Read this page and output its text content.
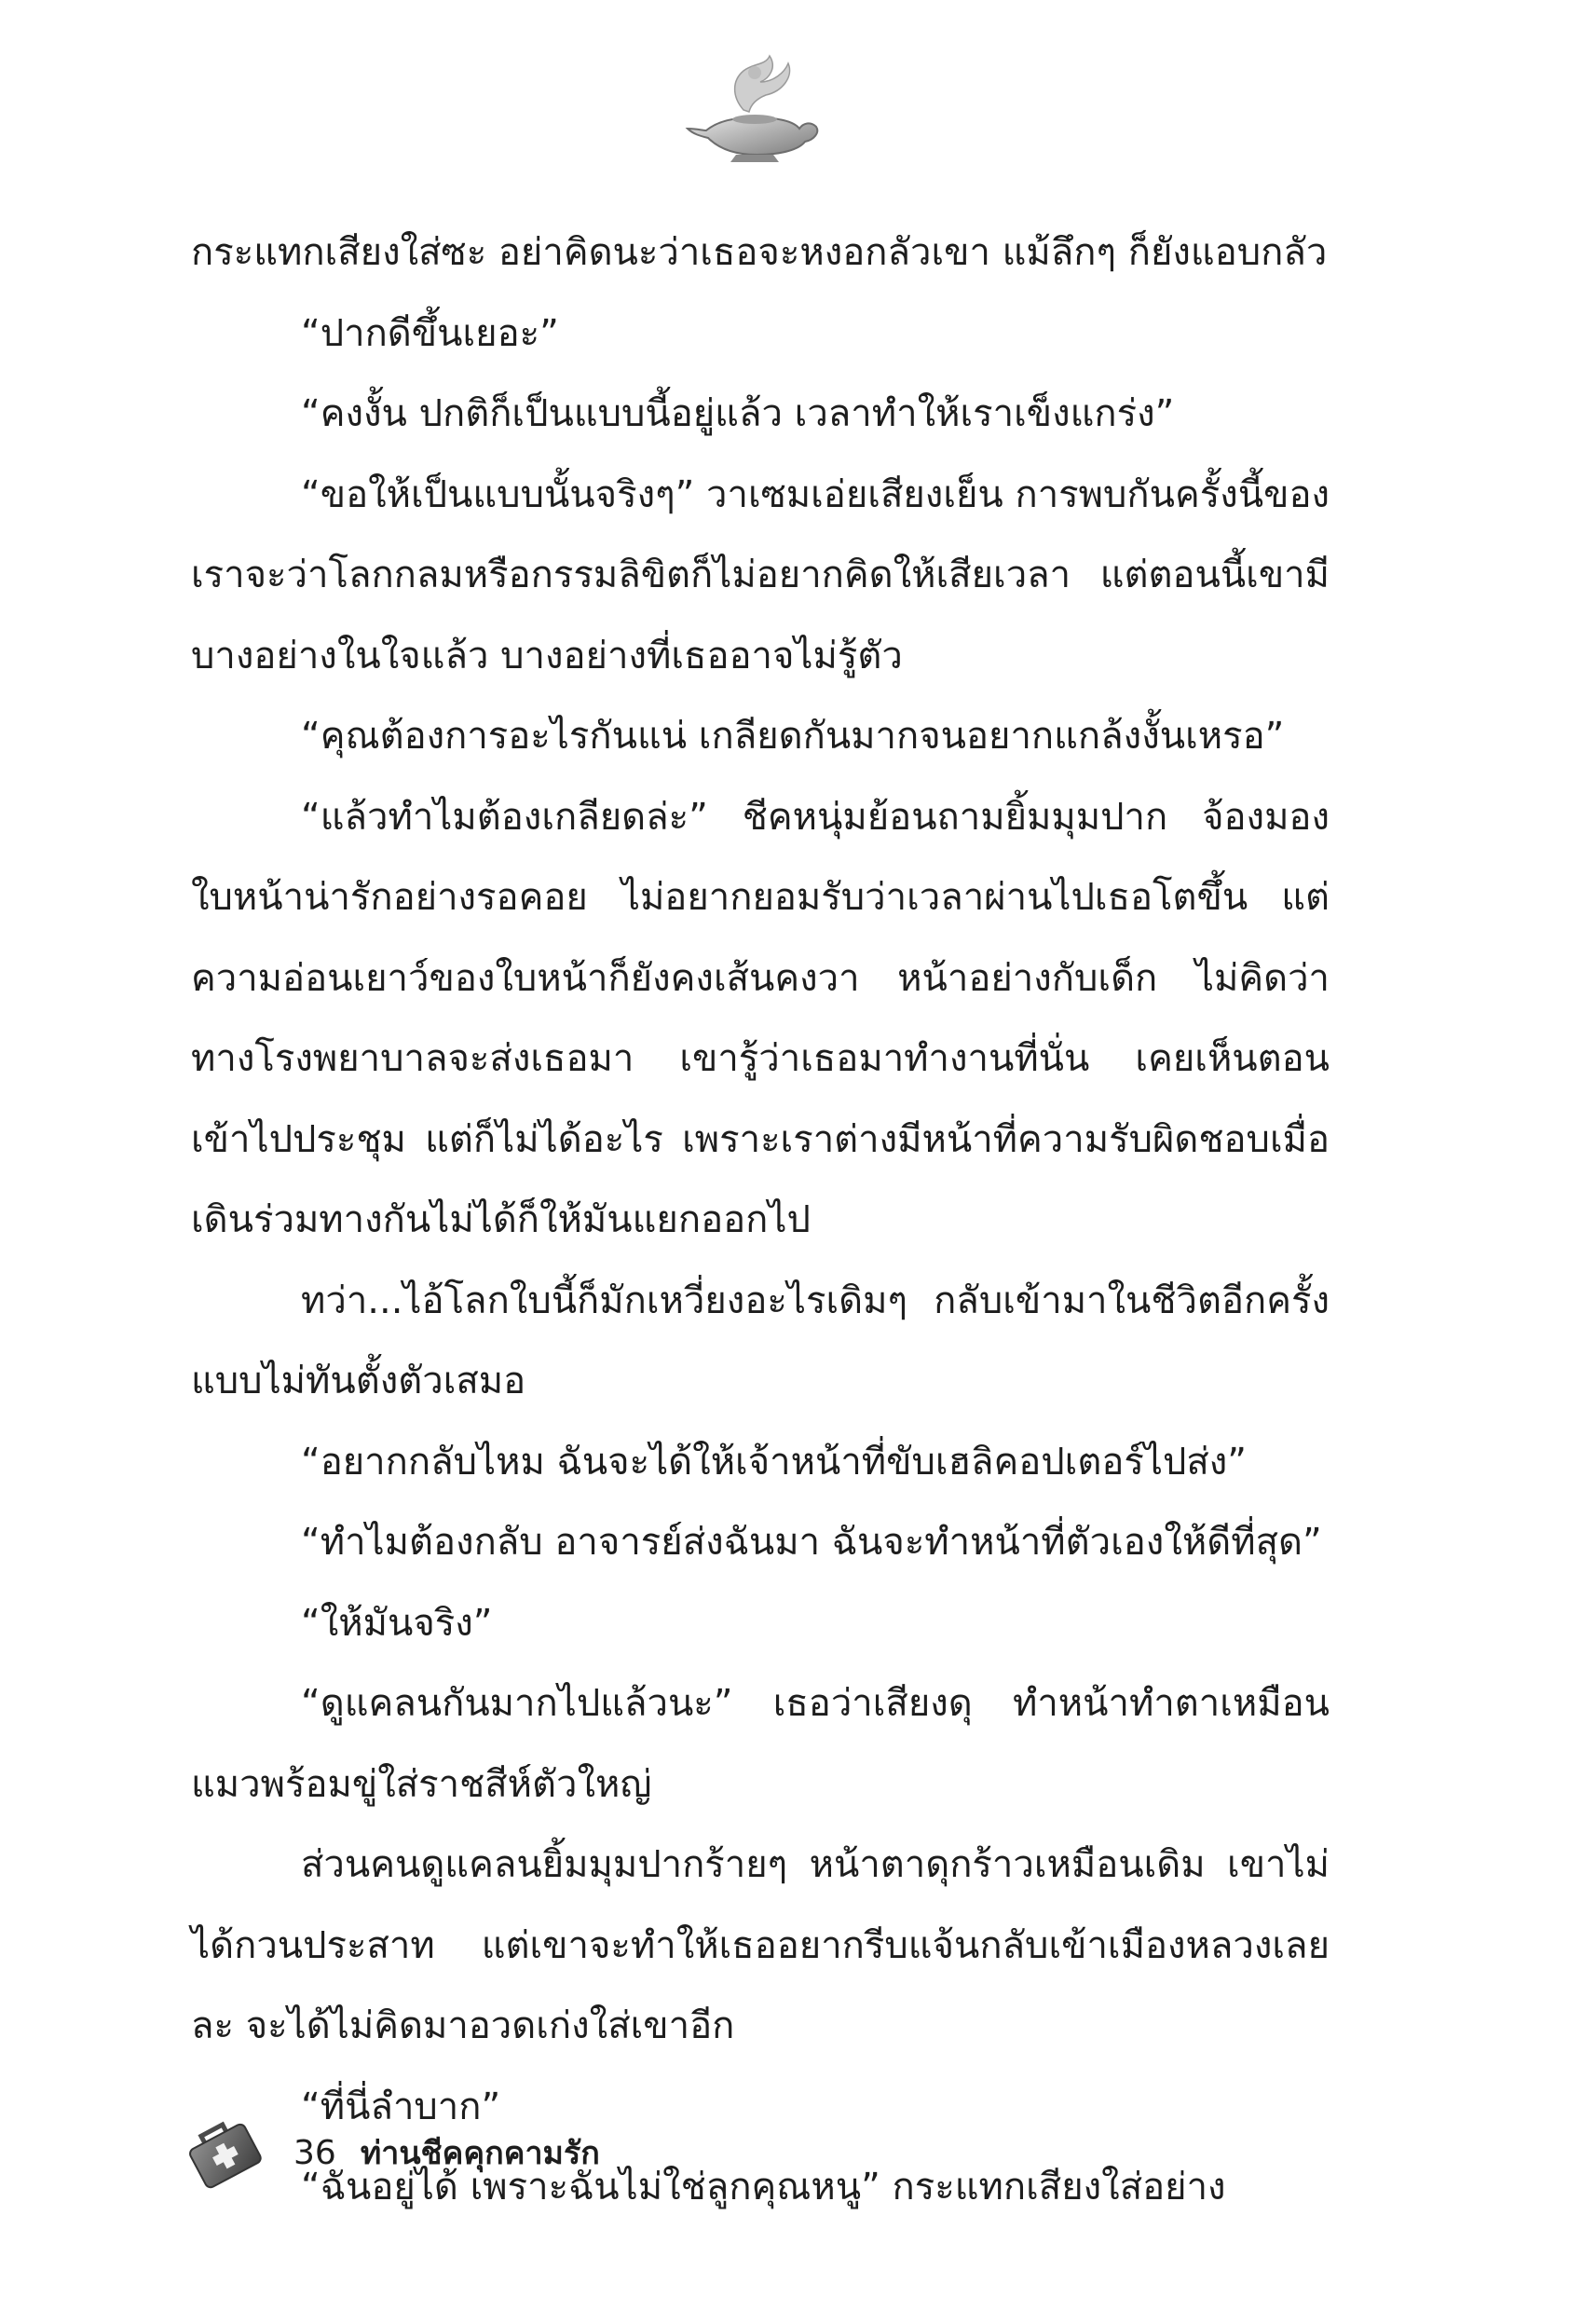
กระแทกเสียงใส่ซะ อย่าคิดนะว่าเธอจะหงอกลัวเขา แม้ลึกๆ ก็ยังแอบกลัว

“ปากดีขึ้นเยอะ”

“คงงั้น ปกติก็เป็นแบบนี้อยู่แล้ว เวลาทำให้เราเข็งแกร่ง”

“ขอให้เป็นแบบนั้นจริงๆ” วาเซมเอ่ยเสียงเย็น การพบกันครั้งนี้ของเราจะว่าโลกกลมหรือกรรมลิขิตก็ไม่อยากคิดให้เสียเวลา แต่ตอนนี้เขามีบางอย่างในใจแล้ว บางอย่างที่เธออาจไม่รู้ตัว

“คุณต้องการอะไรกันแน่ เกลียดกันมากจนอยากแกล้งงั้นเหรอ”

“แล้วทำไมต้องเกลียดล่ะ” ชีคหนุ่มย้อนถามยิ้มมุมปาก จ้องมองใบหน้าน่ารักอย่างรอคอย ไม่อยากยอมรับว่าเวลาผ่านไปเธอโตขึ้น แต่ความอ่อนเยาว์ของใบหน้าก็ยังคงเส้นคงวา หน้าอย่างกับเด็ก ไม่คิดว่าทางโรงพยาบาลจะส่งเธอมา เขารู้ว่าเธอมาทำงานที่นั่น เคยเห็นตอนเข้าไปประชุม แต่ก็ไม่ได้อะไร เพราะเราต่างมีหน้าที่ความรับผิดชอบเมื่อเดินร่วมทางกันไม่ได้ก็ให้มันแยกออกไป

ทว่า...ไอ้โลกใบนี้ก็มักเหวี่ยงอะไรเดิมๆ กลับเข้ามาในชีวิตอีกครั้งแบบไม่ทันตั้งตัวเสมอ

“อยากกลับไหม ฉันจะได้ให้เจ้าหน้าที่ขับเฮลิคอปเตอร์ไปส่ง”

“ทำไมต้องกลับ อาจารย์ส่งฉันมา ฉันจะทำหน้าที่ตัวเองให้ดีที่สุด”

“ให้มันจริง”

“ดูแคลนกันมากไปแล้วนะ” เธอว่าเสียงดุ ทำหน้าทำตาเหมือนแมวพร้อมขู่ใส่ราชสีห์ตัวใหญ่

ส่วนคนดูแคลนยิ้มมุมปากร้ายๆ หน้าตาดุกร้าวเหมือนเดิม เขาไม่ได้กวนประสาท แต่เขาจะทำให้เธออยากรีบแจ้นกลับเข้าเมืองหลวงเลยละ จะได้ไม่คิดมาอวดเก่งใส่เขาอีก

“ที่นี่ลำบาก”

“ฉันอยู่ได้ เพราะฉันไม่ใช่ลูกคุณหนู” กระแทกเสียงใส่อย่าง

36 ท่านชีคคุกคามรัก
